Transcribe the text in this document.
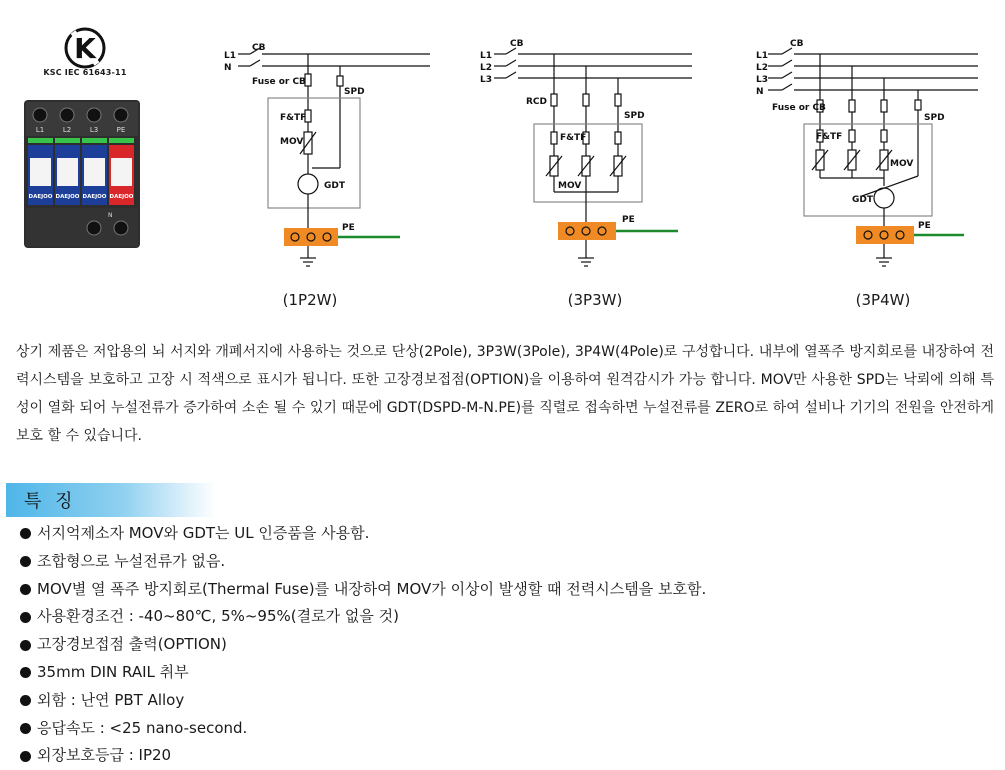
K
KSC IEC 61643-11
L1	L2	L3	PE
DAEJOO DAEJOO DAEJOO DAEJOO
N
L1
N
CB
Fuse or CB
SPD
F&TF
MOV
GDT
PE
(1P2W)
L1
L2
L3
CB
RCD
SPD
F&TF
MOV
PE
(3P3W)
L1
L2
L3
N
CB
Fuse or CB
SPD
F&TF
MOV
GDT
PE
(3P4W)
상기 제품은 저압용의 뇌 서지와 개폐서지에 사용하는 것으로 단상(2Pole), 3P3W(3Pole), 3P4W(4Pole)로 구성합니다. 내부에 열폭주 방지회로를 내장하여 전력시스템을 보호하고 고장 시 적색으로 표시가 됩니다. 또한 고장경보접점(OPTION)을 이용하여 원격감시가 가능 합니다. MOV만 사용한 SPD는 낙뢰에 의해 특성이 열화 되어 누설전류가 증가하여 소손 될 수 있기 때문에 GDT(DSPD-M-N.PE)를 직렬로 접속하면 누설전류를 ZERO로 하여 설비나 기기의 전원을 안전하게 보호 할 수 있습니다.
특 징
서지억제소자 MOV와 GDT는 UL 인증품을 사용함.
조합형으로 누설전류가 없음.
MOV별 열 폭주 방지회로(Thermal Fuse)를 내장하여 MOV가 이상이 발생할 때 전력시스템을 보호함.
사용환경조건 : -40~80℃, 5%~95%(결로가 없을 것)
고장경보접점 출력(OPTION)
35mm DIN RAIL 취부
외함 : 난연 PBT Alloy
응답속도 : <25 nano-second.
외장보호등급 : IP20
